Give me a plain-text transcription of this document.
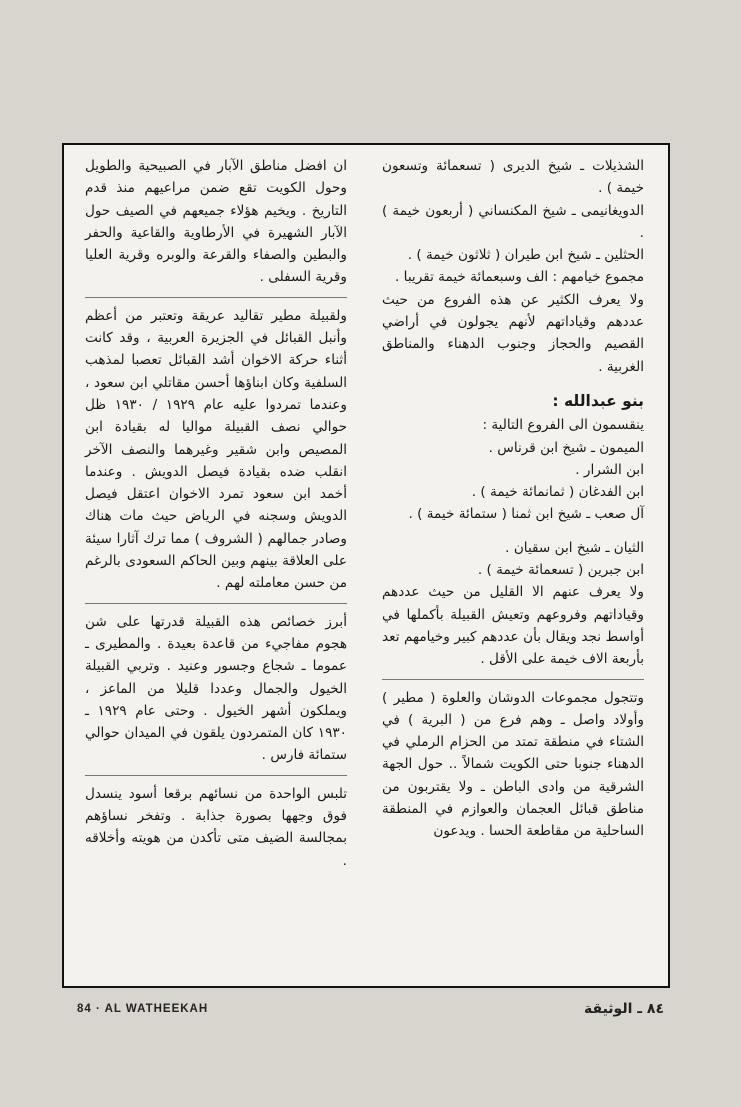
الشذيلات ـ شيخ الديرى ( تسعمائة وتسعون خيمة ) .

الدويغانيمى ـ شيخ المكنساني ( أربعون خيمة ) .

الحثلين ـ شيخ ابن طيران ( ثلاثون خيمة ) .

مجموع خيامهم : الف وسبعمائة خيمة تقريبا .

ولا يعرف الكثير عن هذه الفروع من حيث عددهم وقياداتهم لأنهم يجولون في أراضي القصيم والحجاز وجنوب الدهناء والمناطق الغربية .

بنو عبدالله :

ينقسمون الى الفروع التالية :

الميمون ـ شيخ ابن قرناس .

ابن الشرار .

ابن الفدغان ( ثمانمائة خيمة ) .

آل صعب ـ شيخ ابن ثمنا ( ستمائة خيمة ) .

الثيان ـ شيخ ابن سقيان .

ابن جبرين ( تسعمائة خيمة ) .

ولا يعرف عنهم الا القليل من حيث عددهم وقياداتهم وفروعهم وتعيش القبيلة بأكملها في أواسط نجد ويقال بأن عددهم كبير وخيامهم تعد بأربعة الاف خيمة على الأقل .

وتتجول مجموعات الدوشان والعلوة ( مطير ) وأولاد واصل ـ وهم فرع من ( البرية ) في الشتاء في منطقة تمتد من الحزام الرملي في الدهناء جنوبا حتى الكويت شمالاً .. حول الجهة الشرقية من وادى الباطن ـ ولا يقتربون من مناطق قبائل العجمان والعوازم في المنطقة الساحلية من مقاطعة الحسا . ويدعون

ان افضل مناطق الآبار في الصبيحية والطويل وحول الكويت تقع ضمن مراعيهم منذ قدم التاريخ . ويخيم هؤلاء جميعهم في الصيف حول الآبار الشهيرة في الأرطاوية والقاعية والحفر والبطين والصفاء والقرعة والوبره وقرية العليا وقرية السفلى .

ولقبيلة مطير تقاليد عريقة وتعتبر من أعظم وأنبل القبائل في الجزيرة العربية ، وقد كانت أثناء حركة الاخوان أشد القبائل تعصبا لمذهب السلفية وكان ابناؤها أحسن مقاتلي ابن سعود ، وعندما تمردوا عليه عام ١٩٢٩ / ١٩٣٠ ظل حوالي نصف القبيلة مواليا له بقيادة ابن المصيص وابن شقير وغيرهما والنصف الآخر انقلب ضده بقيادة فيصل الدويش . وعندما أخمد ابن سعود تمرد الاخوان اعتقل فيصل الدويش وسجنه في الرياض حيث مات هناك وصادر جمالهم ( الشروف ) مما ترك آثارا سيئة على العلاقة بينهم وبين الحاكم السعودى بالرغم من حسن معاملته لهم .

أبرز خصائص هذه القبيلة قدرتها على شن هجوم مفاجيء من قاعدة بعيدة . والمطيرى ـ عموما ـ شجاع وجسور وعنيد . وتربي القبيلة الخيول والجمال وعددا قليلا من الماعز ، ويملكون أشهر الخيول . وحتى عام ١٩٢٩ ـ ١٩٣٠ كان المتمردون يلقون في الميدان حوالي ستمائة فارس .

تلبس الواحدة من نسائهم برقعا أسود ينسدل فوق وجهها بصورة جذابة . وتفخر نساؤهم بمجالسة الضيف متى تأكدن من هويته وأخلاقه .

84 · AL WATHEEKAH	٨٤ ـ الوثيقة
